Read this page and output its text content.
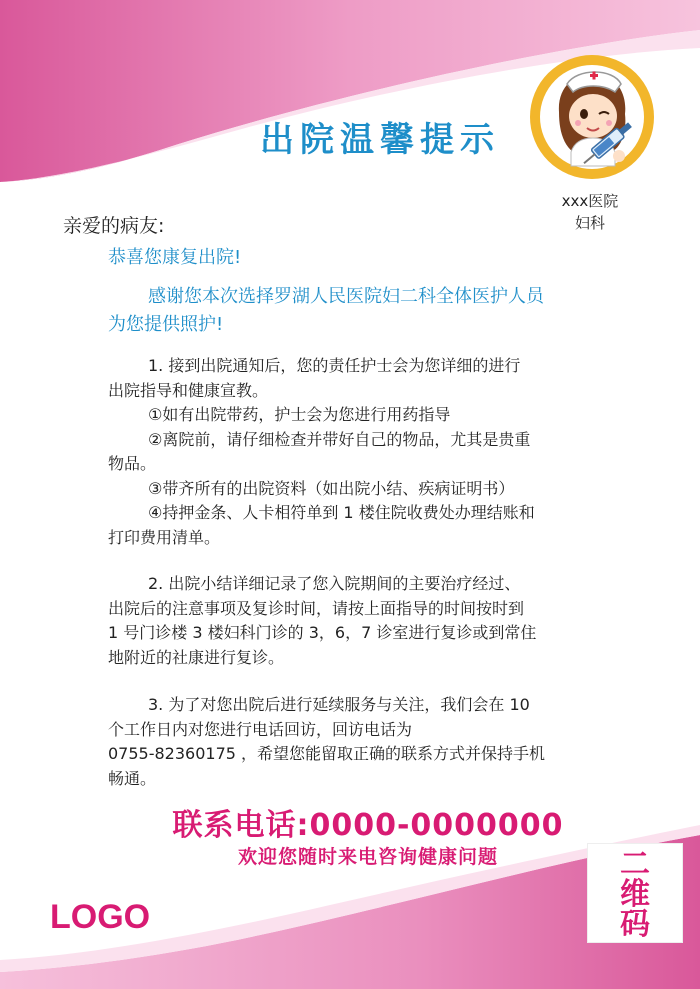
​
出院温馨提示
xxx医院
妇科
亲爱的病友:
恭喜您康复出院!
感谢您本次选择罗湖人民医院妇二科全体医护人员
为您提供照护!
1. 接到出院通知后，您的责任护士会为您详细的进行
出院指导和健康宣教。
①如有出院带药，护士会为您进行用药指导
②离院前，请仔细检查并带好自己的物品，尤其是贵重
物品。
③带齐所有的出院资料（如出院小结、疾病证明书）
④持押金条、人卡相符单到 1 楼住院收费处办理结账和
打印费用清单。
2. 出院小结详细记录了您入院期间的主要治疗经过、
出院后的注意事项及复诊时间，请按上面指导的时间按时到
1 号门诊楼 3 楼妇科门诊的 3，6，7 诊室进行复诊或到常住
地附近的社康进行复诊。
3. 为了对您出院后进行延续服务与关注，我们会在 10
个工作日内对您进行电话回访，回访电话为
0755-82360175 ，希望您能留取正确的联系方式并保持手机
畅通。
联系电话:0000-0000000
欢迎您随时来电咨询健康问题
LOGO
二
维
码
